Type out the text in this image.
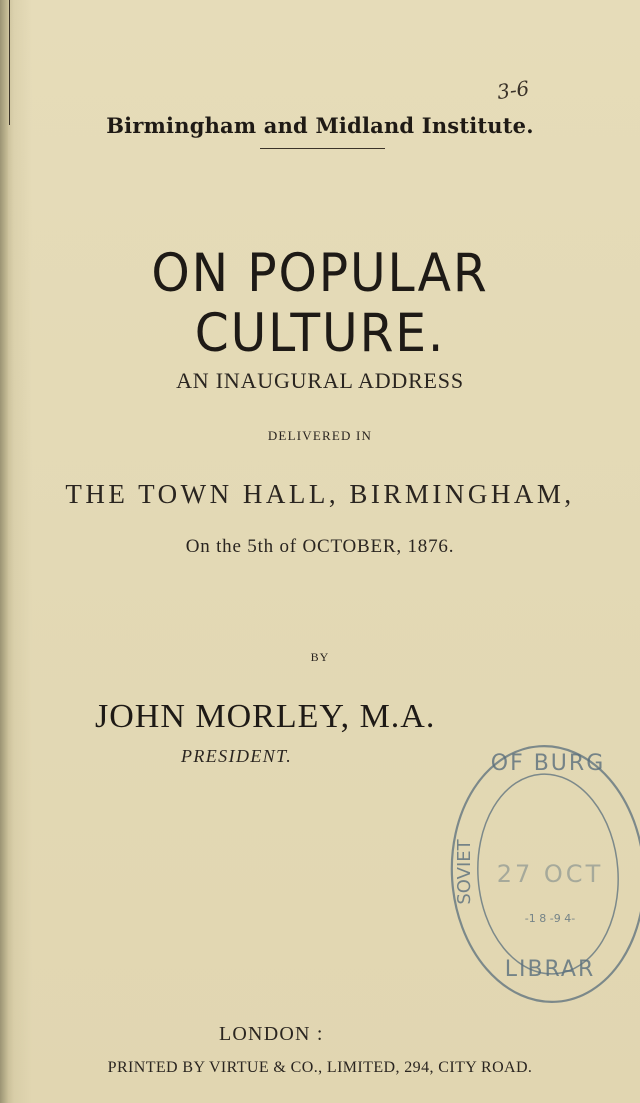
3-6
Birmingham and Midland Institute.
ON POPULAR CULTURE.
AN INAUGURAL ADDRESS
DELIVERED IN
THE TOWN HALL, BIRMINGHAM,
On the 5th of OCTOBER, 1876.
BY
JOHN MORLEY, M.A.
PRESIDENT.	OF BURG
SOVIET 27 OCT
-1 8 -9 4-
LIBRAR
LONDON :
PRINTED BY VIRTUE & CO., LIMITED, 294, CITY ROAD.
